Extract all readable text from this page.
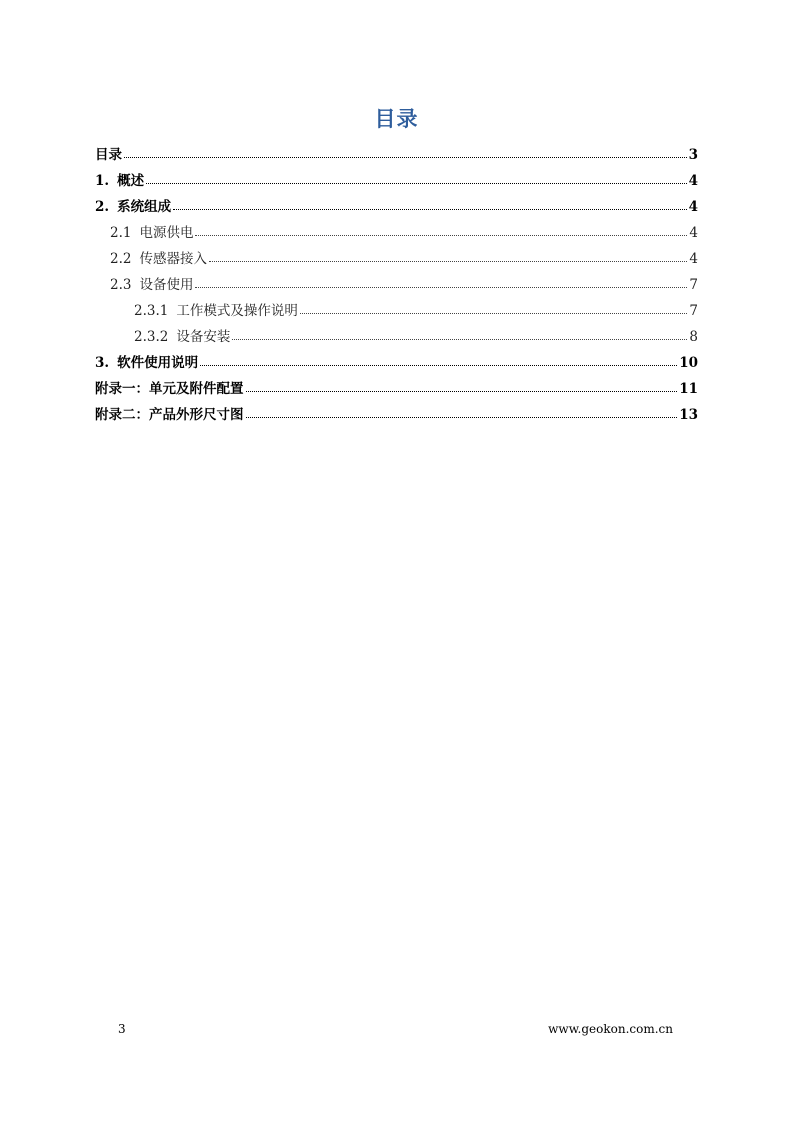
目录
目录	3
1. 概述	4
2. 系统组成	4
2.1 电源供电	4
2.2 传感器接入	4
2.3 设备使用	7
2.3.1 工作模式及操作说明	7
2.3.2 设备安装	8
3. 软件使用说明	10
附录一：单元及附件配置	11
附录二：产品外形尺寸图	13
3	www.geokon.com.cn
